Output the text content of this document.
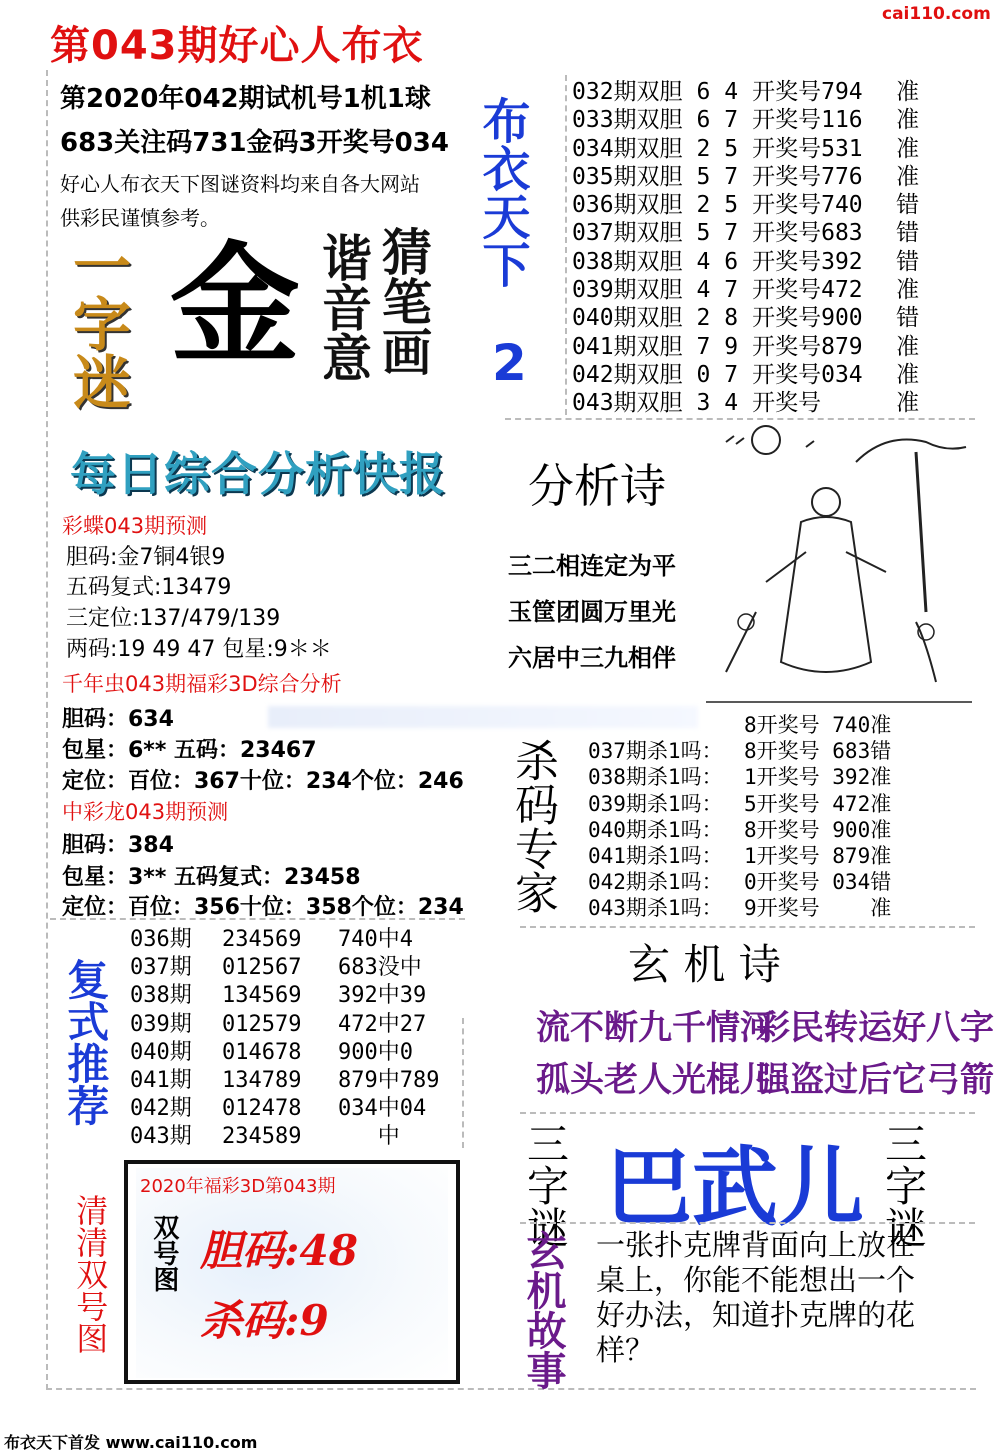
第043期好心人布衣
cai110.com
第2020年042期试机号1机1球
683关注码731金码3开奖号034
好心人布衣天下图谜资料均来自各大网站
供彩民谨慎参考。	布衣天下
2
032期双胆 6 4 开奖号794 准
033期双胆 6 7 开奖号116 准
034期双胆 2 5 开奖号531 准
035期双胆 5 7 开奖号776 准
036期双胆 2 5 开奖号740 错
037期双胆 5 7 开奖号683 错
038期双胆 4 6 开奖号392 错
039期双胆 4 7 开奖号472 准
040期双胆 2 8 开奖号900 错
041期双胆 7 9 开奖号879 准
042期双胆 0 7 开奖号034 准
043期双胆 3 4 开奖号	准
一字迷 金 猜笔画
谐音意
每日综合分析快报 分析诗
三二相连定为平
玉筐团圆万里光
六居中三九相伴
彩蝶043期预测
胆码:金7铜4银9
五码复式:13479
三定位:137/479/139
两码:19 49 47 包星:9＊＊
千年虫043期福彩3D综合分析
胆码：634
包星：6** 五码：23467
定位：百位：367十位：234个位：246
中彩龙043期预测
胆码：384
包星：3** 五码复式：23458
定位：百位：356十位：358个位：234 杀码专家
8开奖号 740准
037期杀1吗： 8开奖号 683错
038期杀1吗： 1开奖号 392准
039期杀1吗： 5开奖号 472准
040期杀1吗： 8开奖号 900准
041期杀1吗： 1开奖号 879准
042期杀1吗： 0开奖号 034错
043期杀1吗： 9开奖号    准
复式推荐
036期 234569 740中4
037期 012567 683没中
038期 134569 392中39
039期 012579 472中27
040期 014678 900中0
041期 134789 879中789
042期 012478 034中04
043期 234589   中
玄 机 诗
流不断九千情河
彩民转运好八字
孤头老人光棍儿
强盗过后它弓箭
三字谜 巴武儿 三字谜
玄机故事 一张扑克牌背面向上放在桌上，你能不能想出一个好办法，知道扑克牌的花样？
清清双号图
2020年福彩3D第043期
双号图 胆码:48
杀码:9
布衣天下首发 www.cai110.com
